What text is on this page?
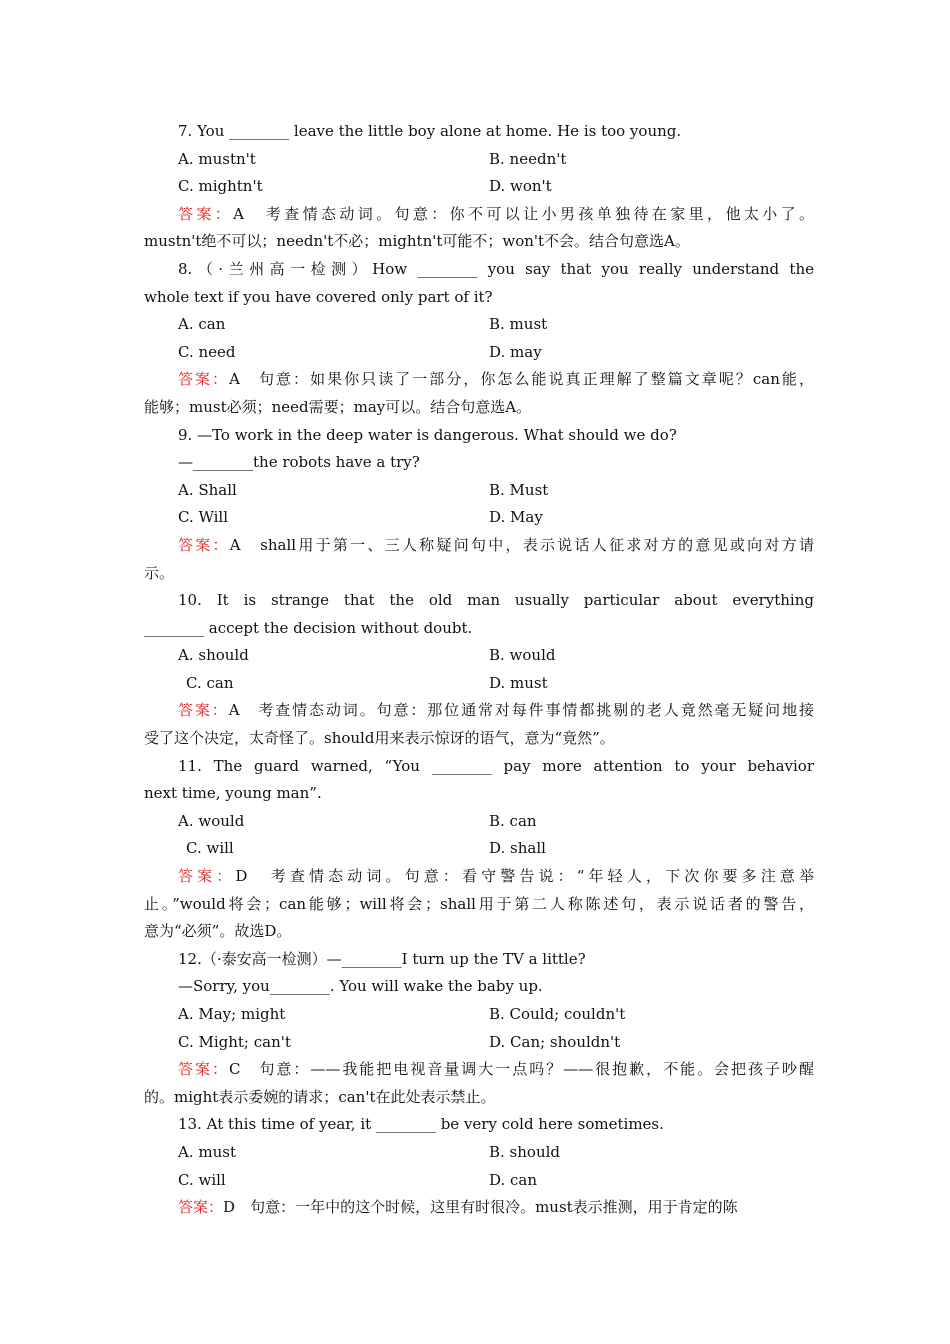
7. You ________ leave the little boy alone at home. He is too young.
A. mustn't	B. needn't
C. mightn't	D. won't
答案：A　 考查情态动词。句意：你不可以让小男孩单独待在家里，他太小了。
mustn't绝不可以；needn't不必；mightn't可能不；won't不会。结合句意选A。
8.（·兰州高一检测）How ________ you say that you really understand the
whole text if you have covered only part of it?
A. can	B. must
C. need	D. may
答案：A　 句意：如果你只读了一部分，你怎么能说真正理解了整篇文章呢？can能，
能够；must必须；need需要；may可以。结合句意选A。
9. —To work in the deep water is dangerous. What should we do?
—________the robots have a try?
A. Shall	B. Must
C. Will	D. May
答案：A　 shall用于第一、三人称疑问句中，表示说话人征求对方的意见或向对方请
示。
10. It is strange that the old man usually particular about everything
________ accept the decision without doubt.
A. should	B. would
C. can	D. must
答案：A　 考查情态动词。句意：那位通常对每件事情都挑剔的老人竟然毫无疑问地接
受了这个决定，太奇怪了。should用来表示惊讶的语气，意为“竟然”。
11. The guard warned, “You ________ pay more attention to your behavior
next time, young man”.
A. would	B. can
C. will	D. shall
答案：D　 考查情态动词。句意：看守警告说：“年轻人，下次你要多注意举
止。”would将会；can能够；will将会；shall用于第二人称陈述句，表示说话者的警告，
意为“必须”。故选D。
12.（·泰安高一检测）—________I turn up the TV a little?
—Sorry, you________. You will wake the baby up.
A. May; might	B. Could; couldn't
C. Might; can't	D. Can; shouldn't
答案：C　 句意：——我能把电视音量调大一点吗？——很抱歉，不能。会把孩子吵醒
的。might表示委婉的请求；can't在此处表示禁止。
13. At this time of year, it ________ be very cold here sometimes.
A. must	B. should
C. will	D. can
答案：D　 句意：一年中的这个时候，这里有时很冷。must表示推测，用于肯定的陈
